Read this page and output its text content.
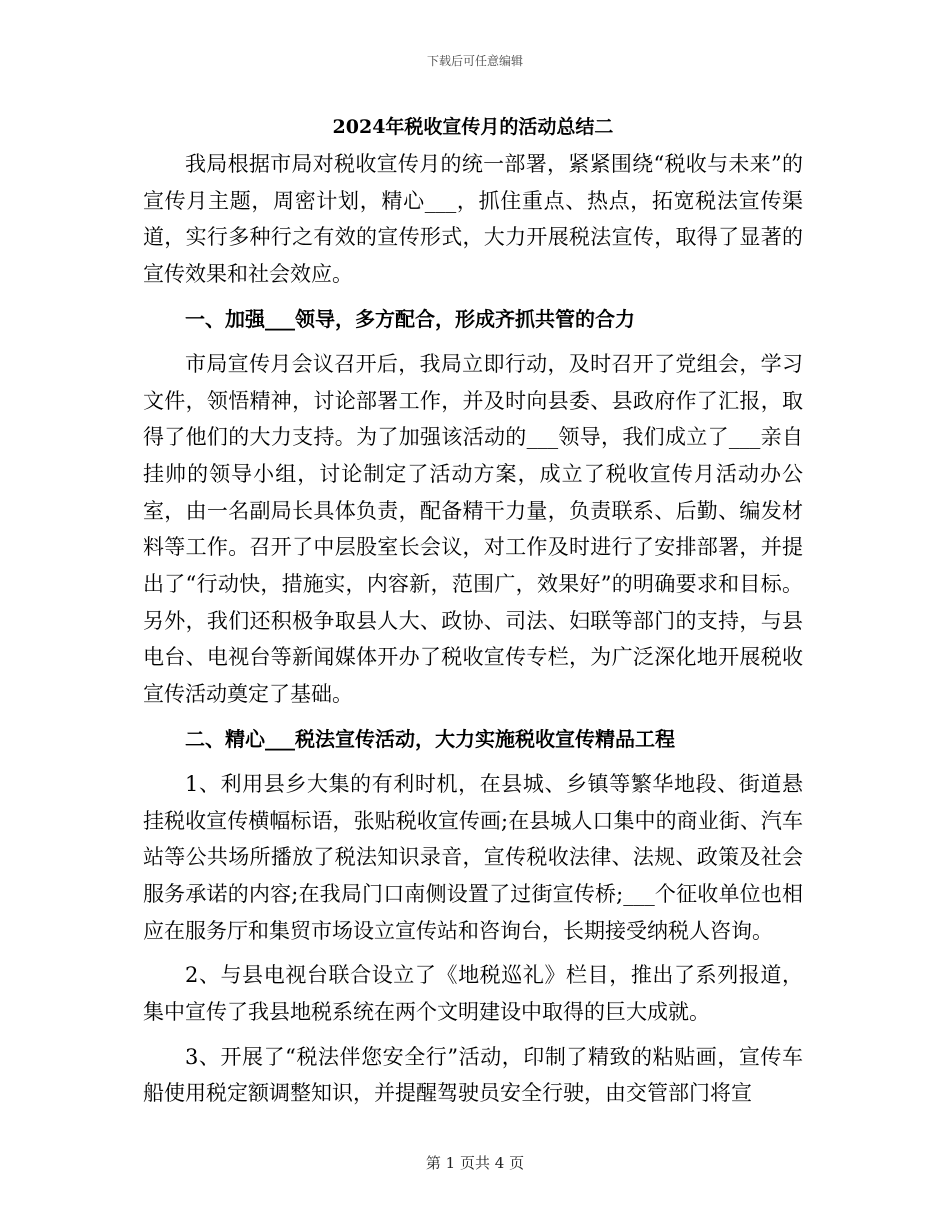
下载后可任意编辑
2024年税收宣传月的活动总结二

我局根据市局对税收宣传月的统一部署，紧紧围绕“税收与未来”的宣传月主题，周密计划，精心___，抓住重点、热点，拓宽税法宣传渠道，实行多种行之有效的宣传形式，大力开展税法宣传，取得了显著的宣传效果和社会效应。

一、加强___领导，多方配合，形成齐抓共管的合力

市局宣传月会议召开后，我局立即行动，及时召开了党组会，学习文件，领悟精神，讨论部署工作，并及时向县委、县政府作了汇报，取得了他们的大力支持。为了加强该活动的___领导，我们成立了___亲自挂帅的领导小组，讨论制定了活动方案，成立了税收宣传月活动办公室，由一名副局长具体负责，配备精干力量，负责联系、后勤、编发材料等工作。召开了中层股室长会议，对工作及时进行了安排部署，并提出了“行动快，措施实，内容新，范围广，效果好”的明确要求和目标。另外，我们还积极争取县人大、政协、司法、妇联等部门的支持，与县电台、电视台等新闻媒体开办了税收宣传专栏，为广泛深化地开展税收宣传活动奠定了基础。

二、精心___税法宣传活动，大力实施税收宣传精品工程

1、利用县乡大集的有利时机，在县城、乡镇等繁华地段、街道悬挂税收宣传横幅标语，张贴税收宣传画;在县城人口集中的商业街、汽车站等公共场所播放了税法知识录音，宣传税收法律、法规、政策及社会服务承诺的内容;在我局门口南侧设置了过街宣传桥;___个征收单位也相应在服务厅和集贸市场设立宣传站和咨询台，长期接受纳税人咨询。

2、与县电视台联合设立了《地税巡礼》栏目，推出了系列报道，集中宣传了我县地税系统在两个文明建设中取得的巨大成就。

3、开展了“税法伴您安全行”活动，印制了精致的粘贴画，宣传车船使用税定额调整知识，并提醒驾驶员安全行驶，由交管部门将宣

第 1 页共 4 页
